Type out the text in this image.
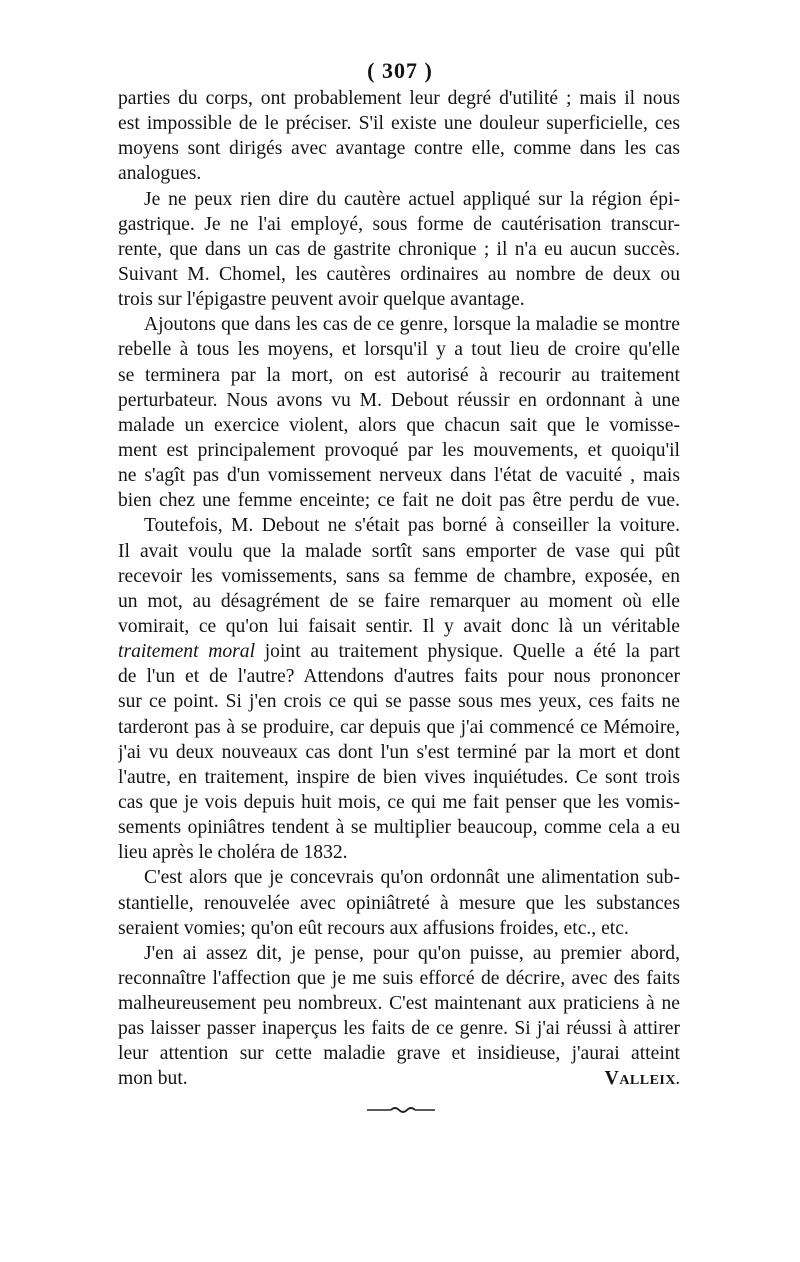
( 307 )

parties du corps, ont probablement leur degré d'utilité ; mais il nous
est impossible de le préciser. S'il existe une douleur superficielle, ces
moyens sont dirigés avec avantage contre elle, comme dans les cas
analogues.

Je ne peux rien dire du cautère actuel appliqué sur la région épi-
gastrique. Je ne l'ai employé, sous forme de cautérisation transcur-
rente, que dans un cas de gastrite chronique ; il n'a eu aucun succès.
Suivant M. Chomel, les cautères ordinaires au nombre de deux ou
trois sur l'épigastre peuvent avoir quelque avantage.

Ajoutons que dans les cas de ce genre, lorsque la maladie se montre
rebelle à tous les moyens, et lorsqu'il y a tout lieu de croire qu'elle
se terminera par la mort, on est autorisé à recourir au traitement
perturbateur. Nous avons vu M. Debout réussir en ordonnant à une
malade un exercice violent, alors que chacun sait que le vomisse-
ment est principalement provoqué par les mouvements, et quoiqu'il
ne s'agît pas d'un vomissement nerveux dans l'état de vacuité , mais
bien chez une femme enceinte; ce fait ne doit pas être perdu de vue.

Toutefois, M. Debout ne s'était pas borné à conseiller la voiture.
Il avait voulu que la malade sortît sans emporter de vase qui pût
recevoir les vomissements, sans sa femme de chambre, exposée, en
un mot, au désagrément de se faire remarquer au moment où elle
vomirait, ce qu'on lui faisait sentir. Il y avait donc là un véritable
traitement moral joint au traitement physique. Quelle a été la part
de l'un et de l'autre? Attendons d'autres faits pour nous prononcer
sur ce point. Si j'en crois ce qui se passe sous mes yeux, ces faits ne
tarderont pas à se produire, car depuis que j'ai commencé ce Mémoire,
j'ai vu deux nouveaux cas dont l'un s'est terminé par la mort et dont
l'autre, en traitement, inspire de bien vives inquiétudes. Ce sont trois
cas que je vois depuis huit mois, ce qui me fait penser que les vomis-
sements opiniâtres tendent à se multiplier beaucoup, comme cela a eu
lieu après le choléra de 1832.

C'est alors que je concevrais qu'on ordonnât une alimentation sub-
stantielle, renouvelée avec opiniâtreté à mesure que les substances
seraient vomies; qu'on eût recours aux affusions froides, etc., etc.

J'en ai assez dit, je pense, pour qu'on puisse, au premier abord,
reconnaître l'affection que je me suis efforcé de décrire, avec des faits
malheureusement peu nombreux. C'est maintenant aux praticiens à ne
pas laisser passer inaperçus les faits de ce genre. Si j'ai réussi à attirer
leur attention sur cette maladie grave et insidieuse, j'aurai atteint
mon but.	VALLEIX.
